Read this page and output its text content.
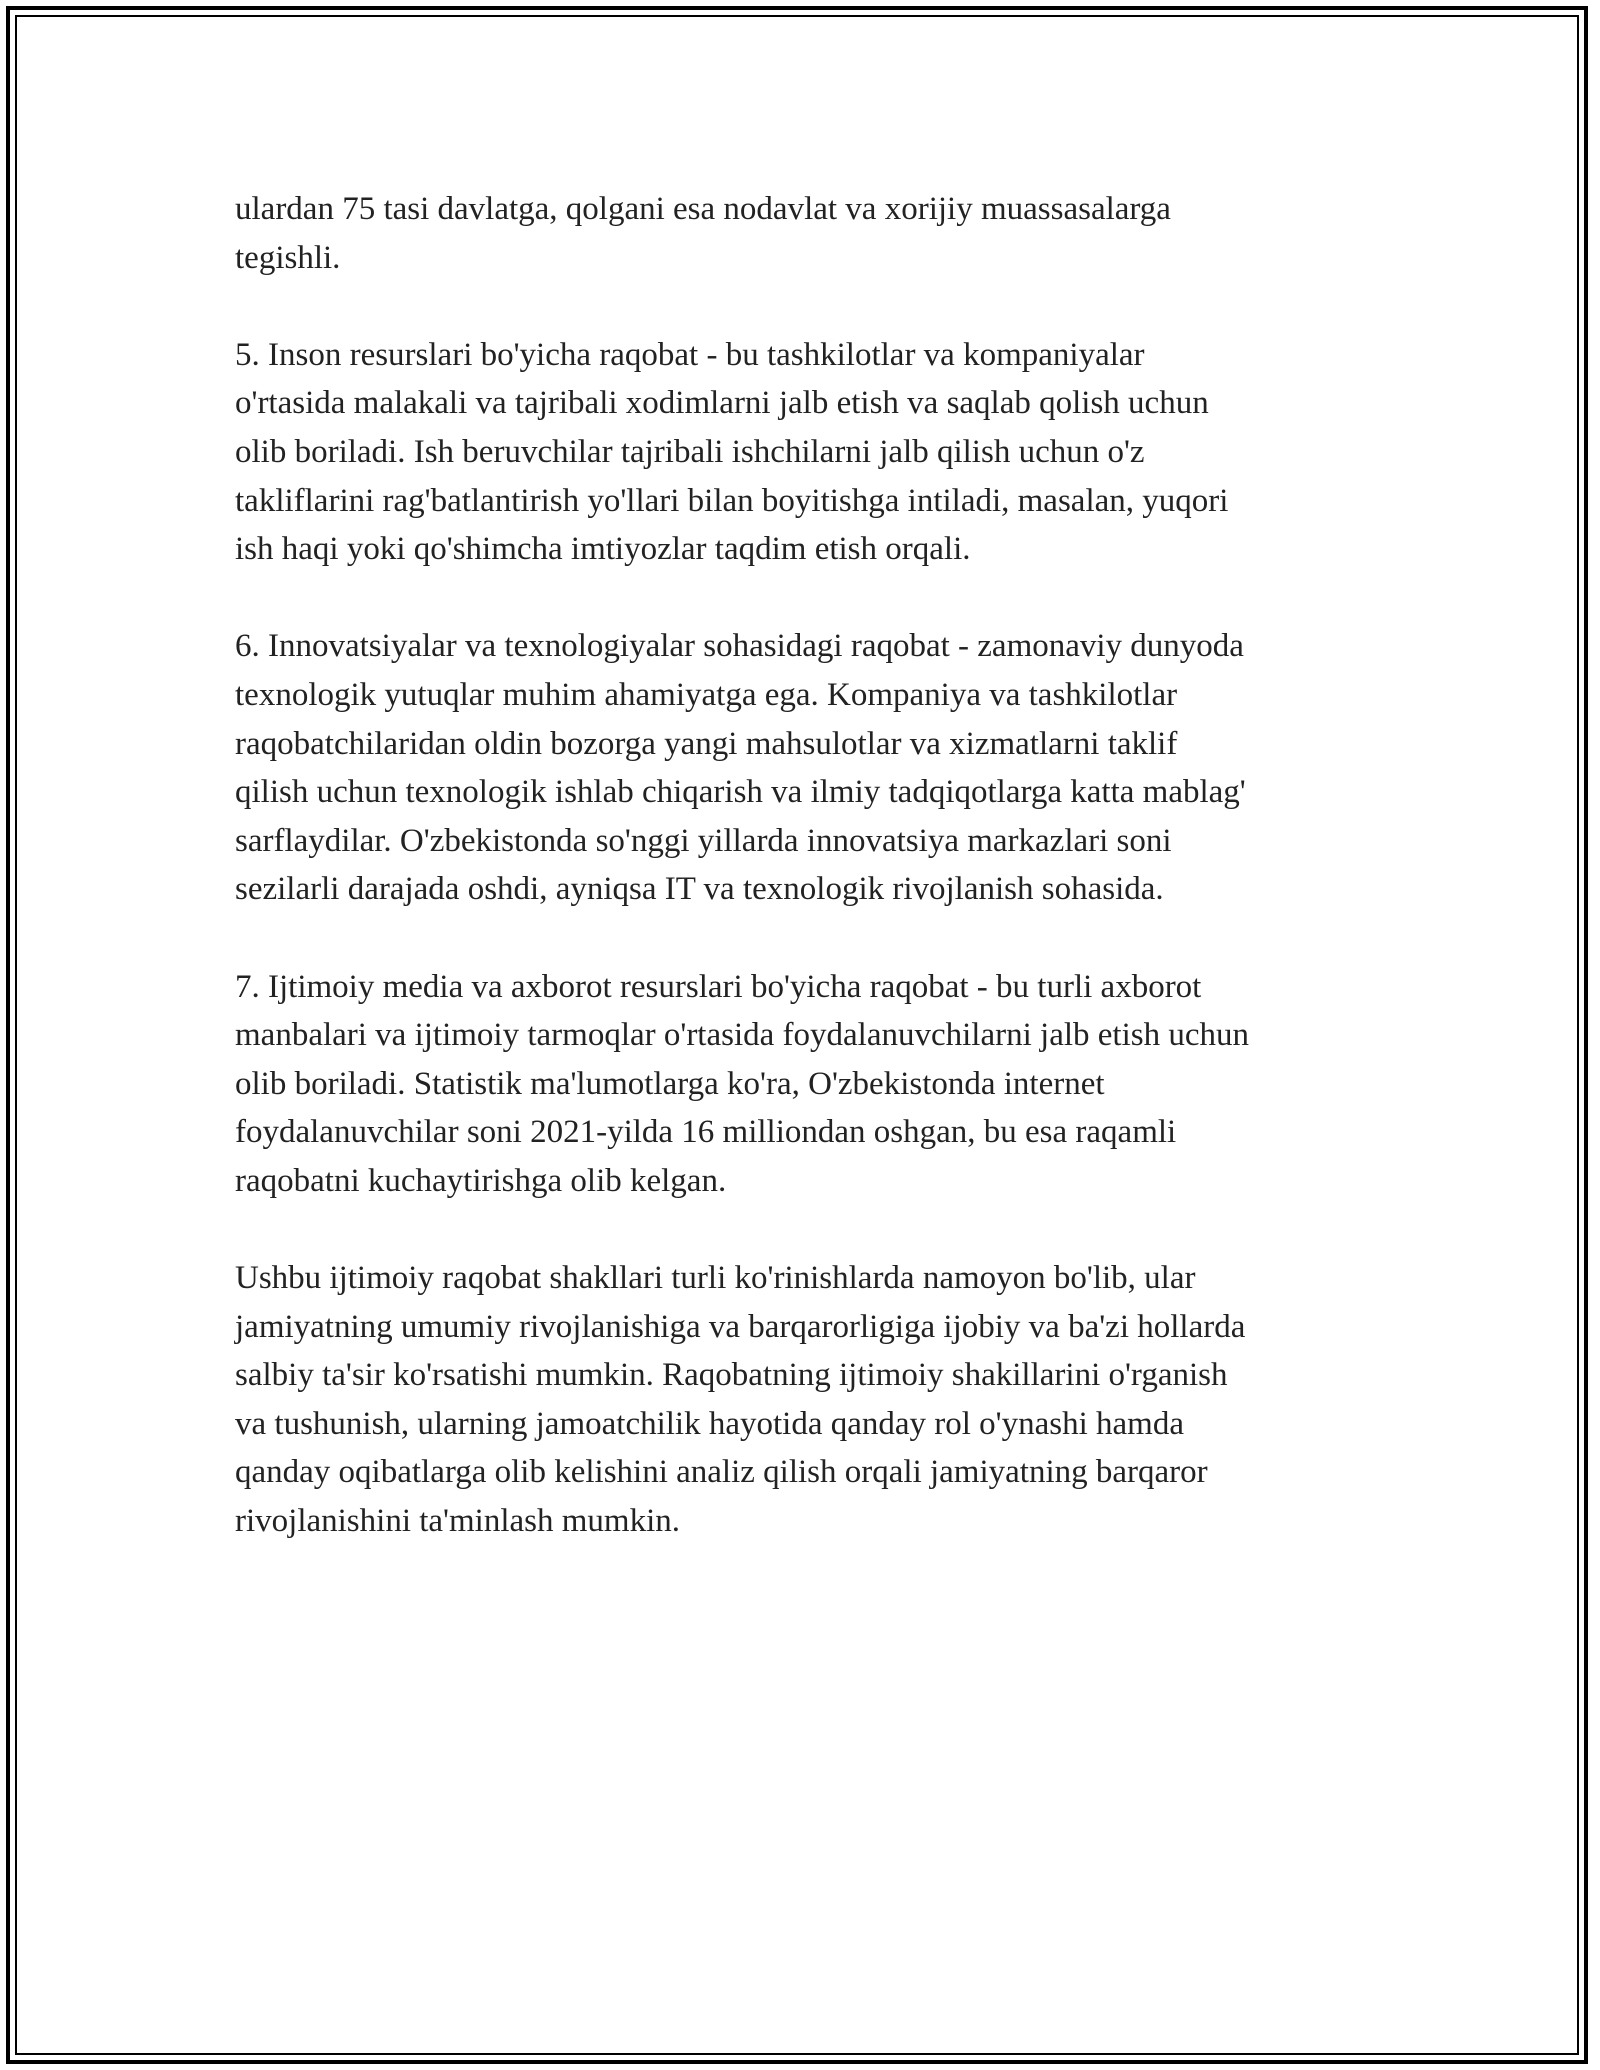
ulardan 75 tasi davlatga, qolgani esa nodavlat va xorijiy muassasalarga
tegishli.

5. Inson resurslari bo'yicha raqobat - bu tashkilotlar va kompaniyalar
o'rtasida malakali va tajribali xodimlarni jalb etish va saqlab qolish uchun
olib boriladi. Ish beruvchilar tajribali ishchilarni jalb qilish uchun o'z
takliflarini rag'batlantirish yo'llari bilan boyitishga intiladi, masalan, yuqori
ish haqi yoki qo'shimcha imtiyozlar taqdim etish orqali.

6. Innovatsiyalar va texnologiyalar sohasidagi raqobat - zamonaviy dunyoda
texnologik yutuqlar muhim ahamiyatga ega. Kompaniya va tashkilotlar
raqobatchilaridan oldin bozorga yangi mahsulotlar va xizmatlarni taklif
qilish uchun texnologik ishlab chiqarish va ilmiy tadqiqotlarga katta mablag'
sarflaydilar. O'zbekistonda so'nggi yillarda innovatsiya markazlari soni
sezilarli darajada oshdi, ayniqsa IT va texnologik rivojlanish sohasida.

7. Ijtimoiy media va axborot resurslari bo'yicha raqobat - bu turli axborot
manbalari va ijtimoiy tarmoqlar o'rtasida foydalanuvchilarni jalb etish uchun
olib boriladi. Statistik ma'lumotlarga ko'ra, O'zbekistonda internet
foydalanuvchilar soni 2021-yilda 16 milliondan oshgan, bu esa raqamli
raqobatni kuchaytirishga olib kelgan.

Ushbu ijtimoiy raqobat shakllari turli ko'rinishlarda namoyon bo'lib, ular
jamiyatning umumiy rivojlanishiga va barqarorligiga ijobiy va ba'zi hollarda
salbiy ta'sir ko'rsatishi mumkin. Raqobatning ijtimoiy shakillarini o'rganish
va tushunish, ularning jamoatchilik hayotida qanday rol o'ynashi hamda
qanday oqibatlarga olib kelishini analiz qilish orqali jamiyatning barqaror
rivojlanishini ta'minlash mumkin.
